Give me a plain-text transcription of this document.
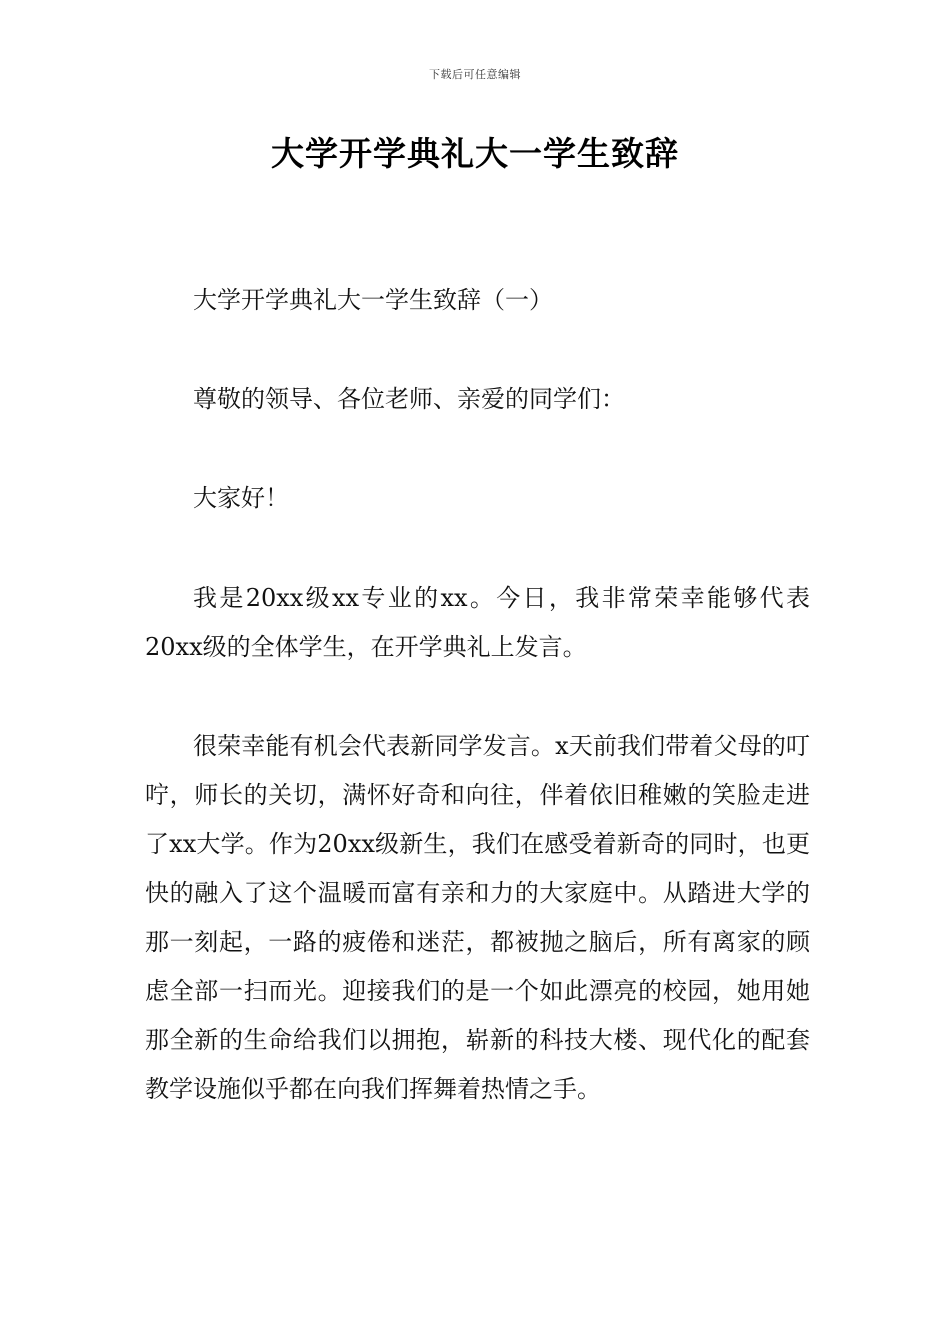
下载后可任意编辑
大学开学典礼大一学生致辞

大学开学典礼大一学生致辞（一）

尊敬的领导、各位老师、亲爱的同学们：

大家好！

我是20xx级xx专业的xx。今日，我非常荣幸能够代表20xx级的全体学生，在开学典礼上发言。

很荣幸能有机会代表新同学发言。x天前我们带着父母的叮咛，师长的关切，满怀好奇和向往，伴着依旧稚嫩的笑脸走进了xx大学。作为20xx级新生，我们在感受着新奇的同时，也更快的融入了这个温暖而富有亲和力的大家庭中。从踏进大学的那一刻起，一路的疲倦和迷茫，都被抛之脑后，所有离家的顾虑全部一扫而光。迎接我们的是一个如此漂亮的校园，她用她那全新的生命给我们以拥抱，崭新的科技大楼、现代化的配套教学设施似乎都在向我们挥舞着热情之手。
